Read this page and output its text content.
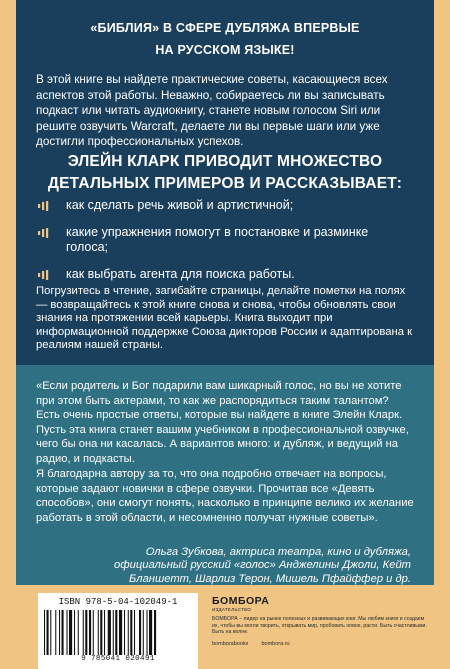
«БИБЛИЯ» В СФЕРЕ ДУБЛЯЖА ВПЕРВЫЕ
НА РУССКОМ ЯЗЫКЕ!

В этой книге вы найдете практические советы, касающиеся всех аспектов этой работы. Неважно, собираетесь ли вы записывать подкаст или читать аудиокнигу, станете новым голосом Siri или решите озвучить Warcraft, делаете ли вы первые шаги или уже достигли профессиональных успехов.

ЭЛЕЙН КЛАРК ПРИВОДИТ МНОЖЕСТВО
ДЕТАЛЬНЫХ ПРИМЕРОВ И РАССКАЗЫВАЕТ:
как сделать речь живой и артистичной;
какие упражнения помогут в постановке и разминке голоса;
как выбрать агента для поиска работы.

Погрузитесь в чтение, загибайте страницы, делайте пометки на полях — возвращайтесь к этой книге снова и снова, чтобы обновлять свои знания на протяжении всей карьеры. Книга выходит при информационной поддержке Союза дикторов России и адаптирована к реалиям нашей страны.

«Если родитель и Бог подарили вам шикарный голос, но вы не хотите при этом быть актерами, то как же распорядиться таким талантом? Есть очень простые ответы, которые вы найдете в книге Элейн Кларк. Пусть эта книга станет вашим учебником в профессиональной озвучке, чего бы она ни касалась. А вариантов много: и дубляж, и ведущий на радио, и подкасты.

Я благодарна автору за то, что она подробно отвечает на вопросы, которые задают новички в сфере озвучки. Прочитав все «Девять способов», они смогут понять, насколько в принципе велико их желание работать в этой области, и несомненно получат нужные советы».

Ольга Зубкова, актриса театра, кино и дубляжа, официальный русский «голос» Анджелины Джоли, Кейт Бланшетт, Шарлиз Терон, Мишель Пфайффер и др.

ISBN 978-5-04-102049-1
9 785041 020491
БОМБОРА
ИЗДАТЕЛЬСТВО

БОМБОРА – лидер на рынке полезных и развивающих книг. Мы любим книги и создаем их, чтобы вы могли творить, открывать мир, пробовать новое, расти. Быть счастливыми. Быть на волне.

bomborabooks bombora.ru
